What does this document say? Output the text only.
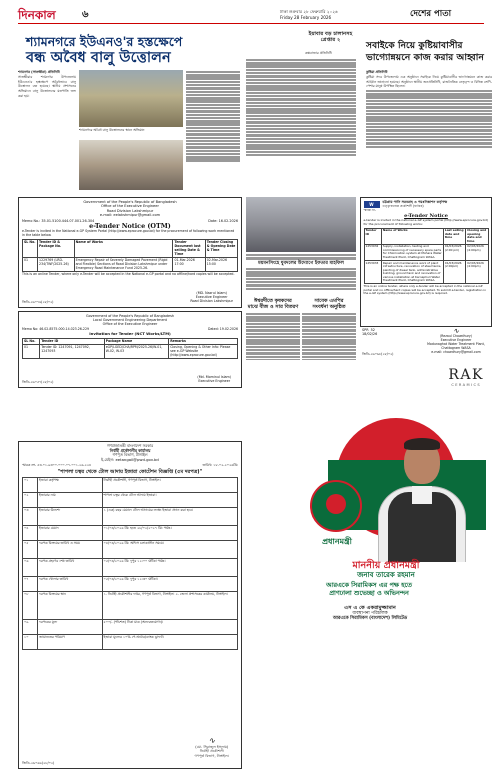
দিনকাল	৬	ঢাকা শুক্রবার ২৮ ফেব্রুয়ারি ২০২৬
Friday 28 February 2026	দেশের পাতা
শ্যামনগরে ইউএনও'র হস্তক্ষেপে
বন্ধ অবৈধ বালু উত্তোলন

শ্যামনগর (সাতক্ষীরা) প্রতিনিধি

সাতক্ষীরার শ্যামনগর উপজেলায় ইউএনও'র হস্তক্ষেপে অবৈধভাবে বালু উত্তোলন বন্ধ হয়েছে। স্থানীয় প্রশাসনের অভিযানে বালু উত্তোলনের যন্ত্রপাতি জব্দ করা হয়।

শ্যামনগরে অবৈধ বালু উত্তোলনের স্থানে অভিযান
ইয়াবার বড় চালানসহ
গ্রেপ্তার ২
কক্সবাজার প্রতিনিধি
সবাইকে নিয়ে কুষ্টিয়াবাসীর
ভাগ্যোন্নয়নে কাজ করার আহ্বান

কুষ্টিয়া প্রতিনিধি

কুষ্টিয়া সদর উপজেলায় এক অনুষ্ঠানে সবাইকে নিয়ে কুষ্টিয়াবাসীর ভাগ্যোন্নয়নে কাজ করার আহ্বান জানানো হয়েছে। অনুষ্ঠানে স্থানীয় জনপ্রতিনিধি, রাজনৈতিক নেতৃবৃন্দ ও বিভিন্ন শ্রেণি-পেশার মানুষ উপস্থিত ছিলেন।

Government of the People's Republic of Bangladesh
Office of the Executive Engineer
Road Division Lakshmipur
e-mail: eelakshmipur@gmail.com
Memo No.: 35.01.5100.444.07.001.26-304	Date: 16.02.2026
e-Tender Notice (OTM)
e-Tender is invited in the National e-GP System Portal (http://www.eprocure.gov.bd) for the procurement of following work mentioned in the table below.
SL No.	Tender ID & Package No.	Name of Works	Tender Document last selling Date & Time	Tender Closing & Opening Date & Time
01	1229769 (LRD-234/TWF/2025-26)	Emergency Repair of Severely Damaged Pavement (Rigid and Flexible) Sections of Road Division Lakshmipur under Emergency Road Maintenance Fund 2025-26.	01-Mar-2026 17:00	02-Mar-2026 15:00
This is an online Tender, where only e-Tender will be accepted in the National e-GP portal and no offline/hard copies will be accepted.
(MD. Nazrul Islam)
Executive Engineer
Road Division Lakshmipur
জিডি-২৬০৭৬(২৮/০২)
Government of the People's Republic of Bangladesh
Local Government Engineering Department
Office of the Executive Engineer
Memo No: 46.02.8575.000.14.023.26-229	Dated: 19.02.2026
Invitation for Tender (NCT Works/LTM)
SL No.	Tender ID	Package Name	Remarks
01	Tender ID: 1247091, 1247092, 1247093	eGP/LGED/CHA/RPM/2025-26/W-01, W-02, W-03	Closing, Opening & Other Info: Please see e-GP Website (http://www.eprocure.gov.bd)
(Md. Mominul Islam)
Executive Engineer
জিডি-২৬০৫৭(২৮/০২)
ময়মনসিংহে যুবদলের উদ্যোগে ইফতার মাহফিল
ঈশ্বরদীতে কৃষকদের
মাঝে বীজ ও সার বিতরণ
সাবেক এমপির
সংবর্ধনা অনুষ্ঠিত
W	চট্টগ্রাম পানি সরবরাহ ও পয়ঃনিষ্কাশন কর্তৃপক্ষ
তত্ত্বাবধায়ক প্রকৌশলী (যান্ত্রিক)
স্মারক নং-
e-Tender Notice
e-tender is invited in the national e-GP system portal (http://www.eprocure.gov.bd) for the procurement of following works:
Tender ID	Name of Works	Last selling date and time	Closing and opening date and time
1253032	Supply, installation, testing and commissioning of necessary spare parts for Chlorination system at Mohara Water Treatment Plant, Chattogram WASA.	01/03/2026 (2:00 pm)	02/03/2026 (4:00pm)
1253033	Repair and maintenance work of plant infrastructure, renovation of steel tanks, painting of diesel tank, administrative building, ground tank and renovation of various installation at Karnaphuli Water Treatment Plant, Chattogram WASA.	01/03/2026 (2:00pm)	02/03/2026 (4:00pm)
This is an online tender, where only e-tender will be accepted in the national e-GP portal and no offline/hard copies will be accepted. To submit e-tender, registration in the e-GP system (http://www.eprocure.gov.bd) is required.
SPR 52
18/02/26	∿
(Rezaul Chowdhury)
Executive Engineer
Modunaghat Water Treatment Plant, Chattogram WASA
e-mail: chowdhury@gmail.com
জিডি-২৬০৬৮(২৮/০২)
RAK
CERAMICS
প্রধানমন্ত্রী
মাননীয় প্রধানমন্ত্রী
জনাব তারেক রহমান
আরএকে সিরামিকস এর পক্ষ হতে
প্রাণঢালা শুভেচ্ছা ও অভিনন্দন
এস এ কে একরামুজ্জামান
ব্যবস্থাপনা পরিচালক
আরএকে সিরামিকস (বাংলাদেশ) লিমিটেড
গণপ্রজাতন্ত্রী বাংলাদেশ সরকার
নির্বাহী প্রকৌশলীর কার্যালয়
গণপূর্ত বিভাগ, টাঙ্গাইল
ই-মেইল: eetangail@pwd.gov.bd
স্মারক নং- ৫৩.০১.৯৩০০.০০০.০৭.০০১.২৬-২২৪	তারিখ: ১৮-০২-২০২৬খ্রি:
"শাপলা চত্বর থেকে টোল আদায় ইজারা কোটেশন বিজ্ঞপ্তি (৫ম দরপত্র)"
০১	ইজারা কর্তৃপক্ষ	নির্বাহী প্রকৌশলী, গণপূর্ত বিভাগ, টাঙ্গাইল।
০২	ইজারার নাম	শাপলা চত্বর থেকে টোল আদায় ইজারা।
০৩	ইজারার উদ্দেশ্য	১ (এক) বছর মেয়াদে টোল আদায়ের লক্ষ্যে ইজারা প্রদান করা হবে।
০৪	ইজারার মেয়াদ	০১/০৩/২০২৬ খ্রি: হতে ২৮/০২/২০২৭ খ্রি: পর্যন্ত।
০৫	দরপত্র বিক্রয়ের তারিখ ও সময়	০৪/০৩/২০২৬ খ্রি: অফিস চলাকালীন সময়ে।
০৬	দরপত্র গ্রহণের শেষ তারিখ	০৫/০৩/২০২৬ খ্রি: দুপুর ১২:০০ ঘটিকা পর্যন্ত।
০৭	দরপত্র খোলার তারিখ	০৫/০৩/২০২৬ খ্রি: দুপুর ১২:৩০ ঘটিকা।
০৮	দরপত্র বিক্রয়ের স্থান	১. নির্বাহী প্রকৌশলীর দপ্তর, গণপূর্ত বিভাগ, টাঙ্গাইল। ২. জেলা প্রশাসকের কার্যালয়, টাঙ্গাইল।
০৯	দরপত্রের মূল্য	৫০০/- (পাঁচশত) টাকা মাত্র (অফেরতযোগ্য)।
১০	জামানতের পরিমাণ	ইজারা মূল্যের ১০% পে-অর্ডার/ব্যাংক ড্রাফট।
∿
(মো. সিরাজুল ইসলাম)
নির্বাহী প্রকৌশলী
গণপূর্ত বিভাগ, টাঙ্গাইল।
জিডি-২৬০৬৬(২৮/০২)
